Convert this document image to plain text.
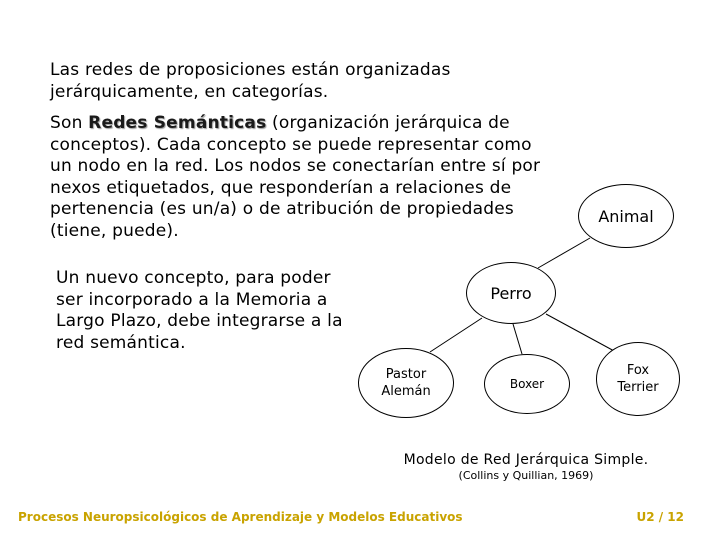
Las redes de proposiciones están organizadas jerárquicamente, en categorías.

Son Redes Semánticas (organización jerárquica de conceptos). Cada concepto se puede representar como un nodo en la red. Los nodos se conectarían entre sí por nexos etiquetados, que responderían a relaciones de pertenencia (es un/a) o de atribución de propiedades (tiene, puede).

Un nuevo concepto, para poder ser incorporado a la Memoria a Largo Plazo, debe integrarse a la red semántica.

Animal
Perro
Pastor
Alemán	Boxer
Fox
Terrier
Modelo de Red Jerárquica Simple.
(Collins y Quillian, 1969)
Procesos Neuropsicológicos de Aprendizaje y Modelos Educativos	U2 / 12
